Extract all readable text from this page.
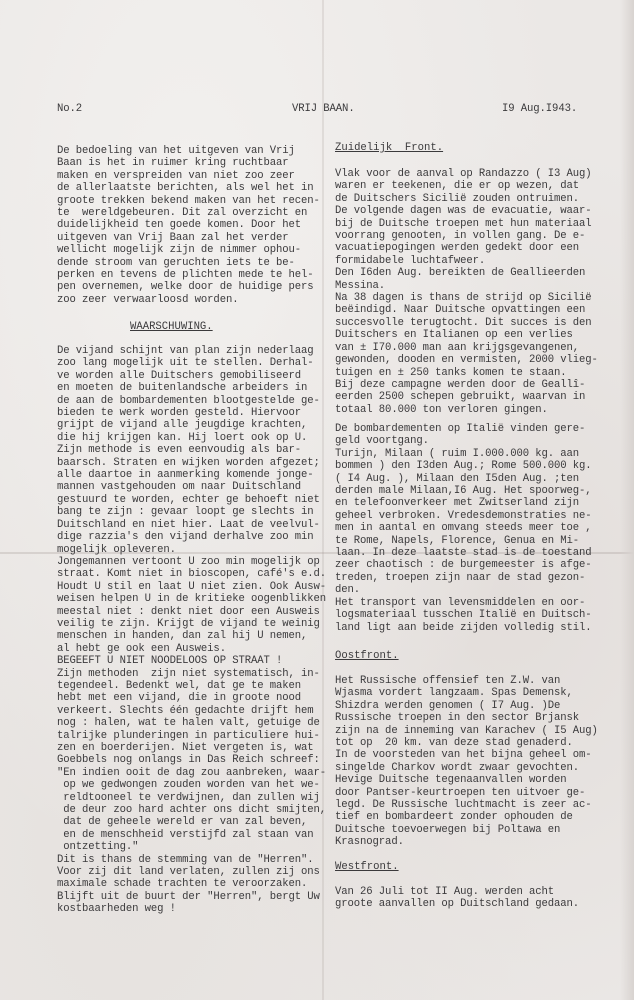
No.2	VRIJ BAAN.	I9 Aug.I943.
De bedoeling van het uitgeven van Vrij
Baan is het in ruimer kring ruchtbaar
maken en verspreiden van niet zoo zeer
de allerlaatste berichten, als wel het in
groote trekken bekend maken van het recen-
te  wereldgebeuren. Dit zal overzicht en
duidelijkheid ten goede komen. Door het
uitgeven van Vrij Baan zal het verder
wellicht mogelijk zijn de nimmer ophou-
dende stroom van geruchten iets te be-
perken en tevens de plichten mede te hel-
pen overnemen, welke door de huidige pers
zoo zeer verwaarloosd worden.
WAARSCHUWING.
De vijand schijnt van plan zijn nederlaag
zoo lang mogelijk uit te stellen. Derhal-
ve worden alle Duitschers gemobiliseerd
en moeten de buitenlandsche arbeiders in
de aan de bombardementen blootgestelde ge-
bieden te werk worden gesteld. Hiervoor
grijpt de vijand alle jeugdige krachten,
die hij krijgen kan. Hij loert ook op U.
Zijn methode is even eenvoudig als bar-
baarsch. Straten en wijken worden afgezet;
alle daartoe in aanmerking komende jonge-
mannen vastgehouden om naar Duitschland
gestuurd te worden, echter ge behoeft niet
bang te zijn : gevaar loopt ge slechts in
Duitschland en niet hier. Laat de veelvul-
dige razzia's den vijand derhalve zoo min
mogelijk opleveren.
Jongemannen vertoont U zoo min mogelijk op
straat. Komt niet in bioscopen, café's e.d.
Houdt U stil en laat U niet zien. Ook Ausw-
weisen helpen U in de kritieke oogenblikken
meestal niet : denkt niet door een Ausweis
veilig te zijn. Krijgt de vijand te weinig
menschen in handen, dan zal hij U nemen,
al hebt ge ook een Ausweis.
BEGEEFT U NIET NOODELOOS OP STRAAT !
Zijn methoden  zijn niet systematisch, in-
tegendeel. Bedenkt wel, dat ge te maken
hebt met een vijand, die in groote nood
verkeert. Slechts één gedachte drijft hem
nog : halen, wat te halen valt, getuige de
talrijke plunderingen in particuliere hui-
zen en boerderijen. Niet vergeten is, wat
Goebbels nog onlangs in Das Reich schreef:
"En indien ooit de dag zou aanbreken, waar-
op we gedwongen zouden worden van het we-
reldtooneel te verdwijnen, dan zullen wij
de deur zoo hard achter ons dicht smijten,
dat de geheele wereld er van zal beven,
en de menschheid verstijfd zal staan van
ontzetting."
Dit is thans de stemming van de "Herren".
Voor zij dit land verlaten, zullen zij ons
maximale schade trachten te veroorzaken.
Blijft uit de buurt der "Herren", bergt Uw
kostbaarheden weg !
Zuidelijk  Front.
Vlak voor de aanval op Randazzo ( I3 Aug)
waren er teekenen, die er op wezen, dat
de Duitschers Sicilië zouden ontruimen.
De volgende dagen was de evacuatie, waar-
bij de Duitsche troepen met hun materiaal
voorrang genooten, in vollen gang. De e-
vacuatiepogingen werden gedekt door een
formidabele luchtafweer.
Den I6den Aug. bereikten de Geallieerden
Messina.
Na 38 dagen is thans de strijd op Sicilië
beëindigd. Naar Duitsche opvattingen een
succesvolle terugtocht. Dit succes is den
Duitschers en Italianen op een verlies
van ± I70.000 man aan krijgsgevangenen,
gewonden, dooden en vermisten, 2000 vlieg-
tuigen en ± 250 tanks komen te staan.
Bij deze campagne werden door de Geallî-
eerden 2500 schepen gebruikt, waarvan in
totaal 80.000 ton verloren gingen.
De bombardementen op Italië vinden gere-
geld voortgang.
Turijn, Milaan ( ruim I.000.000 kg. aan
bommen ) den I3den Aug.; Rome 500.000 kg.
( I4 Aug. ), Milaan den I5den Aug. ;ten
derden male Milaan,I6 Aug. Het spoorweg-,
en telefoonverkeer met Zwitserland zijn
geheel verbroken. Vredesdemonstraties ne-
men in aantal en omvang steeds meer toe ,
te Rome, Napels, Florence, Genua en Mi-
laan. In deze laatste stad is de toestand
zeer chaotisch : de burgemeester is afge-
treden, troepen zijn naar de stad gezon-
den.
Het transport van levensmiddelen en oor-
logsmateriaal tusschen Italië en Duitsch-
land ligt aan beide zijden volledig stil.
Oostfront.
Het Russische offensief ten Z.W. van
Wjasma vordert langzaam. Spas Demensk,
Shizdra werden genomen ( I7 Aug. )De
Russische troepen in den sector Brjansk
zijn na de inneming van Karachev ( I5 Aug)
tot op  20 km. van deze stad genaderd.
In de voorsteden van het bijna geheel om-
singelde Charkov wordt zwaar gevochten.
Hevige Duitsche tegenaanvallen worden
door Pantser-keurtroepen ten uitvoer ge-
legd. De Russische luchtmacht is zeer ac-
tief en bombardeert zonder ophouden de
Duitsche toevoerwegen bij Poltawa en
Krasnograd.
Westfront.
Van 26 Juli tot II Aug. werden acht
groote aanvallen op Duitschland gedaan.
